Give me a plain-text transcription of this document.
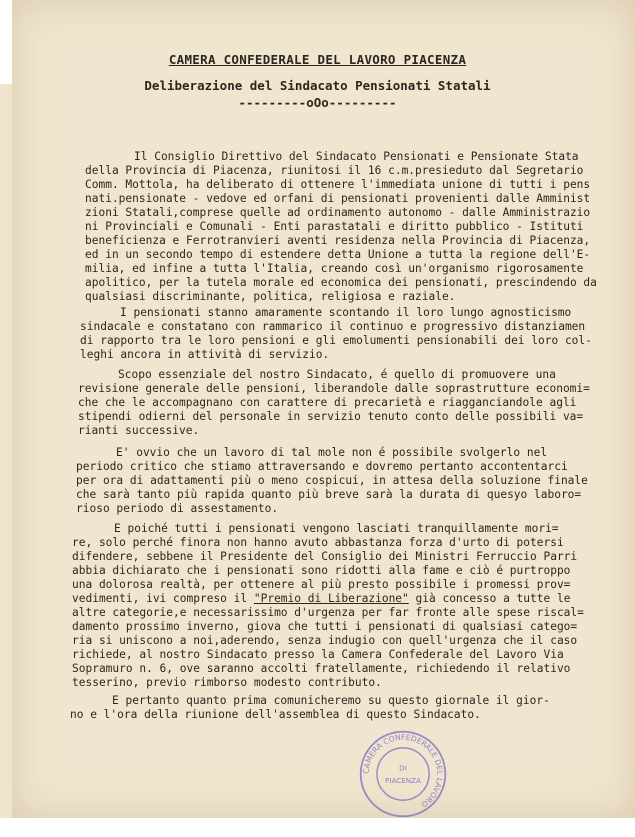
CAMERA CONFEDERALE DEL LAVORO PIACENZA
Deliberazione del Sindacato Pensionati Statali
---------oOo---------
Il Consiglio Direttivo del Sindacato Pensionati e Pensionate Stata
della Provincia di Piacenza, riunitosi il 16 c.m.presieduto dal Segretario
Comm. Mottola, ha deliberato di ottenere l'immediata unione di tutti i pens
nati.pensionate - vedove ed orfani di pensionati provenienti dalle Amminist
zioni Statali,comprese quelle ad ordinamento autonomo - dalle Amministrazio
ni Provinciali e Comunali - Enti parastatali e diritto pubblico - Istituti
beneficienza e Ferrotranvieri aventi residenza nella Provincia di Piacenza,
ed in un secondo tempo di estendere detta Unione a tutta la regione dell'E-
milia, ed infine a tutta l'Italia, creando così un'organismo rigorosamente
apolitico, per la tutela morale ed economica dei pensionati, prescindendo da
qualsiasi discriminante, politica, religiosa e raziale.
I pensionati stanno amaramente scontando il loro lungo agnosticismo
sindacale e constatano con rammarico il continuo e progressivo distanziamen
di rapporto tra le loro pensioni e gli emolumenti pensionabili dei loro col-
leghi ancora in attività di servizio.
Scopo essenziale del nostro Sindacato, é quello di promuovere una
revisione generale delle pensioni, liberandole dalle soprastrutture economi=
che che le accompagnano con carattere di precarietà e riagganciandole agli
stipendi odierni del personale in servizio tenuto conto delle possibili va=
rianti successive.
E' ovvio che un lavoro di tal mole non é possibile svolgerlo nel
periodo critico che stiamo attraversando e dovremo pertanto accontentarci
per ora di adattamenti più o meno cospicui, in attesa della soluzione finale
che sarà tanto più rapida quanto più breve sarà la durata di quesyo laboro=
rioso periodo di assestamento.
E poiché tutti i pensionati vengono lasciati tranquillamente mori=
re, solo perché finora non hanno avuto abbastanza forza d'urto di potersi
difendere, sebbene il Presidente del Consiglio dei Ministri Ferruccio Parri
abbia dichiarato che i pensionati sono ridotti alla fame e ciò é purtroppo
una dolorosa realtà, per ottenere al più presto possibile i promessi prov=
vedimenti, ivi compreso il "Premio di Liberazione" già concesso a tutte le
altre categorie,e necessarissimo d'urgenza per far fronte alle spese riscal=
damento prossimo inverno, giova che tutti i pensionati di qualsiasi catego=
ria si uniscono a noi,aderendo, senza indugio con quell'urgenza che il caso
richiede, al nostro Sindacato presso la Camera Confederale del Lavoro Via
Sopramuro n. 6, ove saranno accolti fratellamente, richiedendo il relativo
tesserino, previo rimborso modesto contributo.
E pertanto quanto prima comunicheremo su questo giornale il gior-
no e l'ora della riunione dell'assemblea di questo Sindacato.
CAMERA CONFEDERALE DEL LAVORO
DI
PIACENZA
